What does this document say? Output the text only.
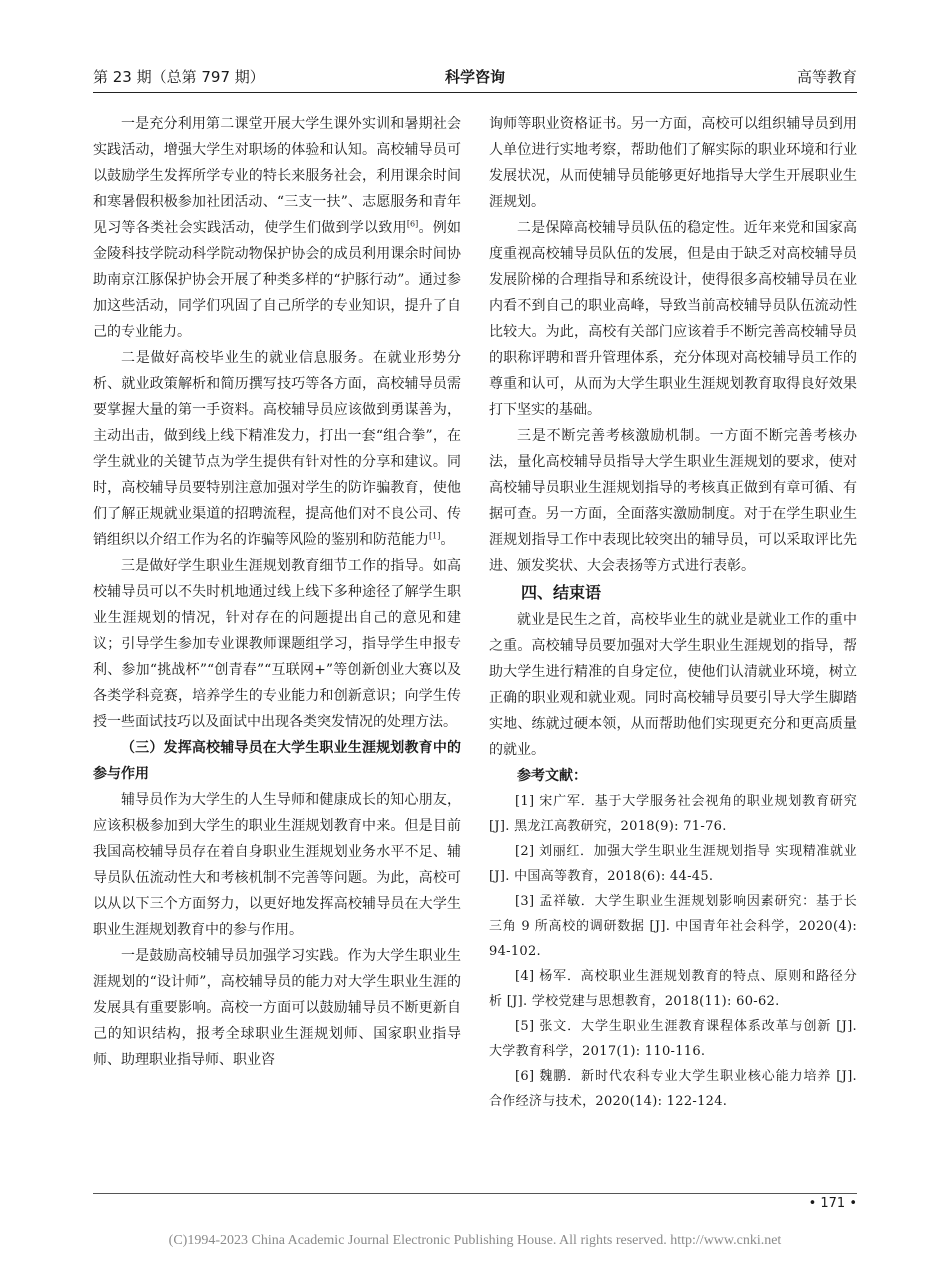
第 23 期（总第 797 期）	科学咨询	高等教育

一是充分利用第二课堂开展大学生课外实训和暑期社会实践活动，增强大学生对职场的体验和认知。高校辅导员可以鼓励学生发挥所学专业的特长来服务社会，利用课余时间和寒暑假积极参加社团活动、“三支一扶”、志愿服务和青年见习等各类社会实践活动，使学生们做到学以致用[6]。例如金陵科技学院动科学院动物保护协会的成员利用课余时间协助南京江豚保护协会开展了种类多样的“护豚行动”。通过参加这些活动，同学们巩固了自己所学的专业知识，提升了自己的专业能力。

二是做好高校毕业生的就业信息服务。在就业形势分析、就业政策解析和简历撰写技巧等各方面，高校辅导员需要掌握大量的第一手资料。高校辅导员应该做到勇谋善为，主动出击，做到线上线下精准发力，打出一套“组合拳”，在学生就业的关键节点为学生提供有针对性的分享和建议。同时，高校辅导员要特别注意加强对学生的防诈骗教育，使他们了解正规就业渠道的招聘流程，提高他们对不良公司、传销组织以介绍工作为名的诈骗等风险的鉴别和防范能力[1]。

三是做好学生职业生涯规划教育细节工作的指导。如高校辅导员可以不失时机地通过线上线下多种途径了解学生职业生涯规划的情况，针对存在的问题提出自己的意见和建议；引导学生参加专业课教师课题组学习，指导学生申报专利、参加“挑战杯”“创青春”“互联网+”等创新创业大赛以及各类学科竞赛，培养学生的专业能力和创新意识；向学生传授一些面试技巧以及面试中出现各类突发情况的处理方法。

（三）发挥高校辅导员在大学生职业生涯规划教育中的参与作用

辅导员作为大学生的人生导师和健康成长的知心朋友，应该积极参加到大学生的职业生涯规划教育中来。但是目前我国高校辅导员存在着自身职业生涯规划业务水平不足、辅导员队伍流动性大和考核机制不完善等问题。为此，高校可以从以下三个方面努力，以更好地发挥高校辅导员在大学生职业生涯规划教育中的参与作用。

一是鼓励高校辅导员加强学习实践。作为大学生职业生涯规划的“设计师”，高校辅导员的能力对大学生职业生涯的发展具有重要影响。高校一方面可以鼓励辅导员不断更新自己的知识结构，报考全球职业生涯规划师、国家职业指导师、助理职业指导师、职业咨

询师等职业资格证书。另一方面，高校可以组织辅导员到用人单位进行实地考察，帮助他们了解实际的职业环境和行业发展状况，从而使辅导员能够更好地指导大学生开展职业生涯规划。

二是保障高校辅导员队伍的稳定性。近年来党和国家高度重视高校辅导员队伍的发展，但是由于缺乏对高校辅导员发展阶梯的合理指导和系统设计，使得很多高校辅导员在业内看不到自己的职业高峰，导致当前高校辅导员队伍流动性比较大。为此，高校有关部门应该着手不断完善高校辅导员的职称评聘和晋升管理体系，充分体现对高校辅导员工作的尊重和认可，从而为大学生职业生涯规划教育取得良好效果打下坚实的基础。

三是不断完善考核激励机制。一方面不断完善考核办法，量化高校辅导员指导大学生职业生涯规划的要求，使对高校辅导员职业生涯规划指导的考核真正做到有章可循、有据可查。另一方面，全面落实激励制度。对于在学生职业生涯规划指导工作中表现比较突出的辅导员，可以采取评比先进、颁发奖状、大会表扬等方式进行表彰。

四、结束语

就业是民生之首，高校毕业生的就业是就业工作的重中之重。高校辅导员要加强对大学生职业生涯规划的指导，帮助大学生进行精准的自身定位，使他们认清就业环境，树立正确的职业观和就业观。同时高校辅导员要引导大学生脚踏实地、练就过硬本领，从而帮助他们实现更充分和更高质量的就业。

参考文献：

[1] 宋广军．基于大学服务社会视角的职业规划教育研究 [J]. 黑龙江高教研究，2018(9): 71-76.

[2] 刘丽红．加强大学生职业生涯规划指导 实现精准就业 [J]. 中国高等教育，2018(6): 44-45.

[3] 孟祥敏．大学生职业生涯规划影响因素研究：基于长三角 9 所高校的调研数据 [J]. 中国青年社会科学，2020(4): 94-102.

[4] 杨军．高校职业生涯规划教育的特点、原则和路径分析 [J]. 学校党建与思想教育，2018(11): 60-62.

[5] 张文．大学生职业生涯教育课程体系改革与创新 [J]. 大学教育科学，2017(1): 110-116.

[6] 魏鹏．新时代农科专业大学生职业核心能力培养 [J]. 合作经济与技术，2020(14): 122-124.

• 171 •
(C)1994-2023 China Academic Journal Electronic Publishing House. All rights reserved. http://www.cnki.net
